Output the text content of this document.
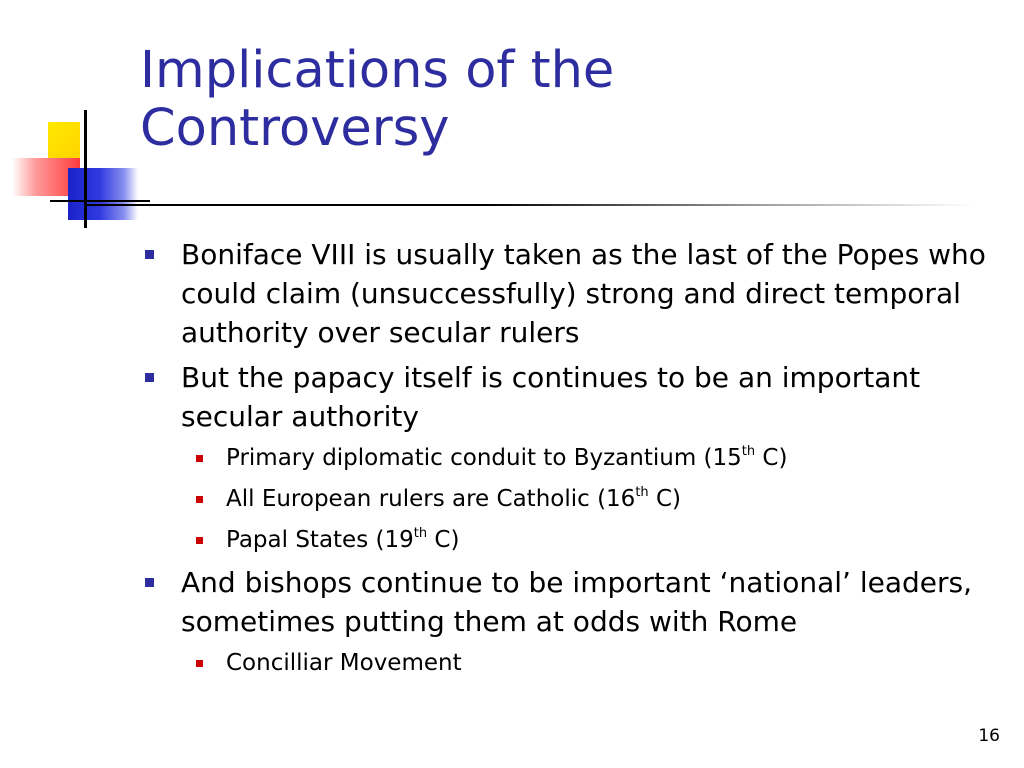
Implications of the
Controversy
Boniface VIII is usually taken as the last of the Popes who could claim (unsuccessfully) strong and direct temporal authority over secular rulers
But the papacy itself is continues to be an important secular authority
Primary diplomatic conduit to Byzantium (15th C)
All European rulers are Catholic (16th C)
Papal States (19th C)
And bishops continue to be important ‘national’ leaders, sometimes putting them at odds with Rome
Concilliar Movement
16
